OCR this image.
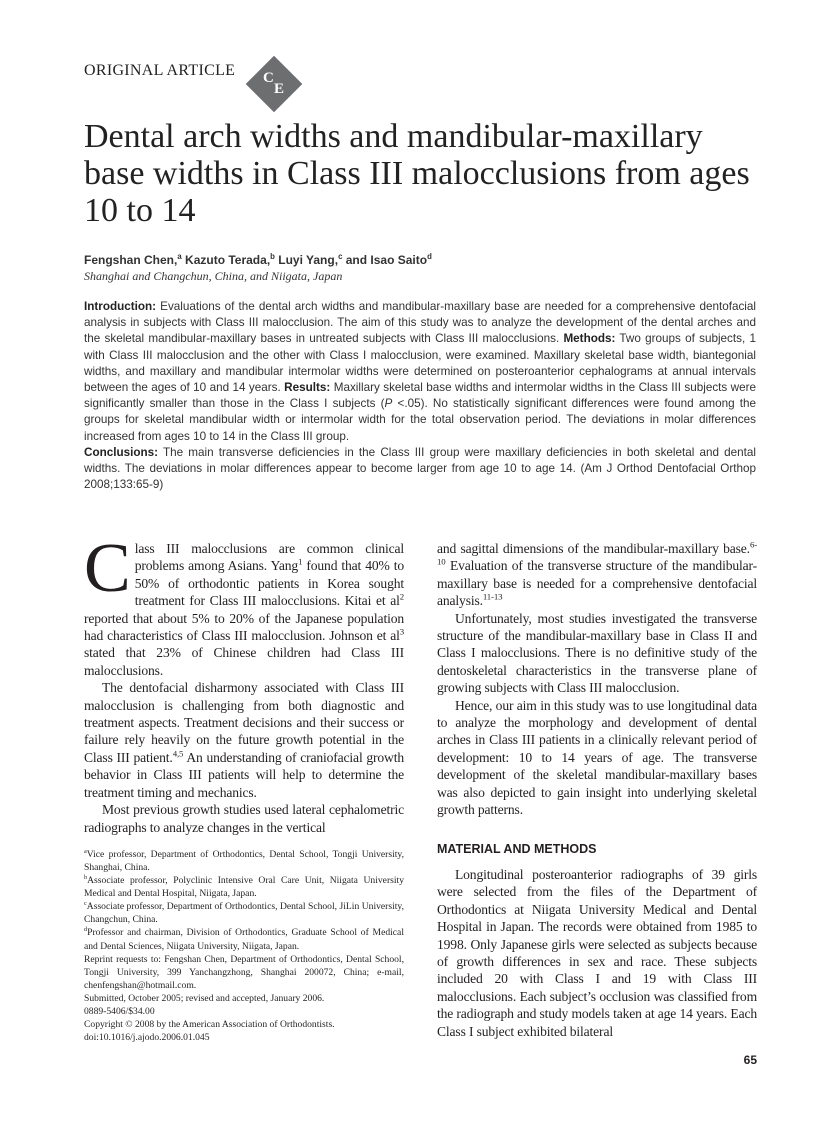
ORIGINAL ARTICLE C
E
Dental arch widths and mandibular-maxillary base widths in Class III malocclusions from ages 10 to 14
Fengshan Chen,$^a$ Kazuto Terada,$^b$ Luyi Yang,$^c$ and Isao Saito$^d$
Shanghai and Changchun, China, and Niigata, Japan
Introduction: Evaluations of the dental arch widths and mandibular-maxillary base are needed for a comprehensive dentofacial analysis in subjects with Class III malocclusion. The aim of this study was to analyze the development of the dental arches and the skeletal mandibular-maxillary bases in untreated subjects with Class III malocclusions. Methods: Two groups of subjects, 1 with Class III malocclusion and the other with Class I malocclusion, were examined. Maxillary skeletal base width, biantegonial widths, and maxillary and mandibular intermolar widths were determined on posteroanterior cephalograms at annual intervals between the ages of 10 and 14 years. Results: Maxillary skeletal base widths and intermolar widths in the Class III subjects were significantly smaller than those in the Class I subjects (P <.05). No statistically significant differences were found among the groups for skeletal mandibular width or intermolar width for the total observation period. The deviations in molar differences increased from ages 10 to 14 in the Class III group.
Conclusions: The main transverse deficiencies in the Class III group were maxillary deficiencies in both skeletal and dental widths. The deviations in molar differences appear to become larger from age 10 to age 14. (Am J Orthod Dentofacial Orthop 2008;133:65-9)

Class III malocclusions are common clinical problems among Asians. Yang$^1$ found that 40% to 50% of orthodontic patients in Korea sought treatment for Class III malocclusions. Kitai et $al^2$ reported that about 5% to 20% of the Japanese population had characteristics of Class III malocclusion. Johnson et $al^3$ stated that 23% of Chinese children had Class III malocclusions.

The dentofacial disharmony associated with Class III malocclusion is challenging from both diagnostic and treatment aspects. Treatment decisions and their success or failure rely heavily on the future growth potential in the Class III patient.$^{4,5}$ An understanding of craniofacial growth behavior in Class III patients will help to determine the treatment timing and mechanics.

Most previous growth studies used lateral cephalometric radiographs to analyze changes in the vertical

$^a$Vice professor, Department of Orthodontics, Dental School, Tongji University, Shanghai, China.
$^b$Associate professor, Polyclinic Intensive Oral Care Unit, Niigata University Medical and Dental Hospital, Niigata, Japan.
$^c$Associate professor, Department of Orthodontics, Dental School, JiLin University, Changchun, China.
$^d$Professor and chairman, Division of Orthodontics, Graduate School of Medical and Dental Sciences, Niigata University, Niigata, Japan.
Reprint requests to: Fengshan Chen, Department of Orthodontics, Dental School, Tongji University, 399 Yanchangzhong, Shanghai 200072, China; e-mail, chenfengshan@hotmail.com.
Submitted, October 2005; revised and accepted, January 2006.
0889-5406/$34.00
Copyright © 2008 by the American Association of Orthodontists.
doi:10.1016/j.ajodo.2006.01.045

and sagittal dimensions of the mandibular-maxillary base.$^{6-10}$ Evaluation of the transverse structure of the mandibular-maxillary base is needed for a comprehensive dentofacial analysis.$^{11-13}$

Unfortunately, most studies investigated the transverse structure of the mandibular-maxillary base in Class II and Class I malocclusions. There is no definitive study of the dentoskeletal characteristics in the transverse plane of growing subjects with Class III malocclusion.

Hence, our aim in this study was to use longitudinal data to analyze the morphology and development of dental arches in Class III patients in a clinically relevant period of development: 10 to 14 years of age. The transverse development of the skeletal mandibular-maxillary bases was also depicted to gain insight into underlying skeletal growth patterns.

MATERIAL AND METHODS

Longitudinal posteroanterior radiographs of 39 girls were selected from the files of the Department of Orthodontics at Niigata University Medical and Dental Hospital in Japan. The records were obtained from 1985 to 1998. Only Japanese girls were selected as subjects because of growth differences in sex and race. These subjects included 20 with Class I and 19 with Class III malocclusions. Each subject’s occlusion was classified from the radiograph and study models taken at age 14 years. Each Class I subject exhibited bilateral

65
